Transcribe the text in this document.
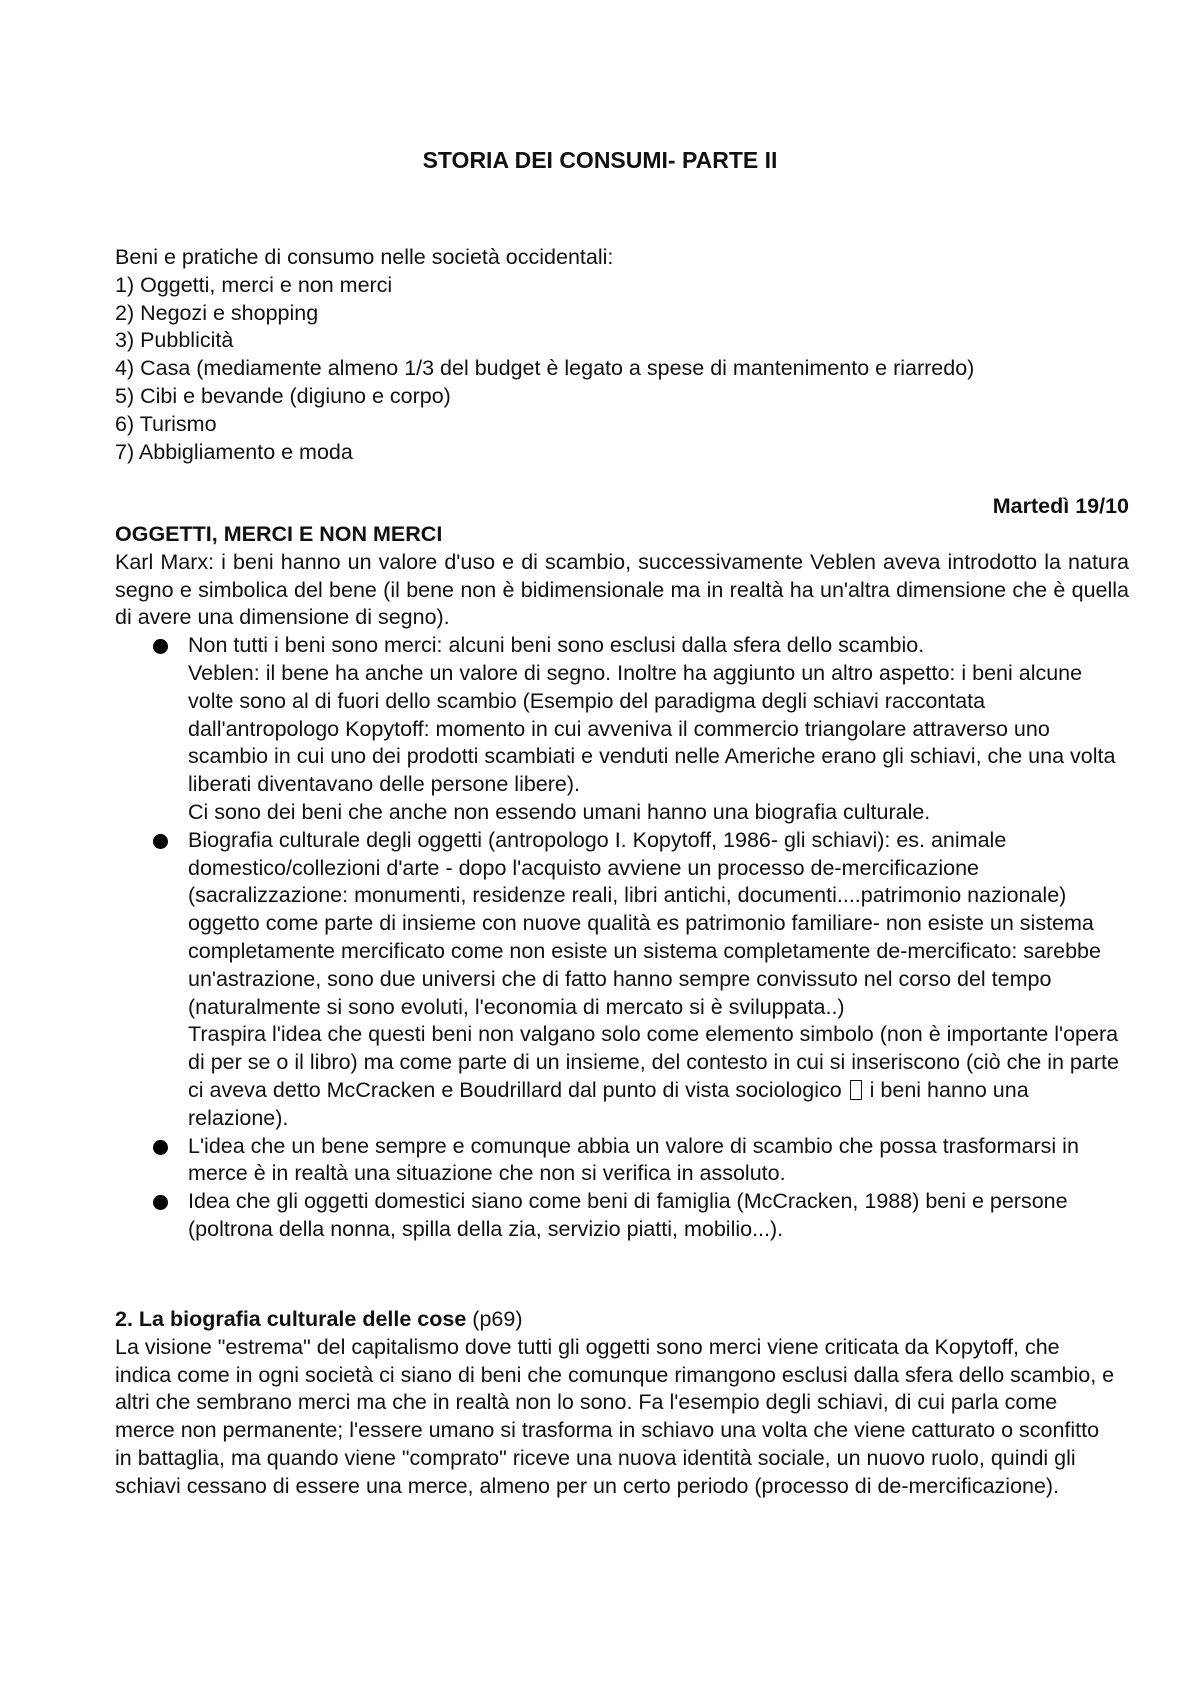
STORIA DEI CONSUMI- PARTE II
Beni e pratiche di consumo nelle società occidentali:
1) Oggetti, merci e non merci
2) Negozi e shopping
3) Pubblicità
4) Casa (mediamente almeno 1/3 del budget è legato a spese di mantenimento e riarredo)
5) Cibi e bevande (digiuno e corpo)
6) Turismo
7) Abbigliamento e moda
Martedì 19/10
OGGETTI, MERCI E NON MERCI

Karl Marx: i beni hanno un valore d'uso e di scambio, successivamente Veblen aveva introdotto la natura segno e simbolica del bene (il bene non è bidimensionale ma in realtà ha un'altra dimensione che è quella di avere una dimensione di segno).

Non tutti i beni sono merci: alcuni beni sono esclusi dalla sfera dello scambio.

Veblen: il bene ha anche un valore di segno. Inoltre ha aggiunto un altro aspetto: i beni alcune volte sono al di fuori dello scambio (Esempio del paradigma degli schiavi raccontata dall'antropologo Kopytoff: momento in cui avveniva il commercio triangolare attraverso uno scambio in cui uno dei prodotti scambiati e venduti nelle Americhe erano gli schiavi, che una volta liberati diventavano delle persone libere).

Ci sono dei beni che anche non essendo umani hanno una biografia culturale.

Biografia culturale degli oggetti (antropologo I. Kopytoff, 1986- gli schiavi): es. animale domestico/collezioni d'arte - dopo l'acquisto avviene un processo de-mercificazione (sacralizzazione: monumenti, residenze reali, libri antichi, documenti....patrimonio nazionale) oggetto come parte di insieme con nuove qualità es patrimonio familiare- non esiste un sistema completamente mercificato come non esiste un sistema completamente de-mercificato: sarebbe un'astrazione, sono due universi che di fatto hanno sempre convissuto nel corso del tempo (naturalmente si sono evoluti, l'economia di mercato si è sviluppata..)

Traspira l'idea che questi beni non valgano solo come elemento simbolo (non è importante l'opera di per se o il libro) ma come parte di un insieme, del contesto in cui si inseriscono (ciò che in parte ci aveva detto McCracken e Boudrillard dal punto di vista sociologico i beni hanno una relazione).

L'idea che un bene sempre e comunque abbia un valore di scambio che possa trasformarsi in merce è in realtà una situazione che non si verifica in assoluto.

Idea che gli oggetti domestici siano come beni di famiglia (McCracken, 1988) beni e persone (poltrona della nonna, spilla della zia, servizio piatti, mobilio...).

2. La biografia culturale delle cose (p69)

La visione "estrema" del capitalismo dove tutti gli oggetti sono merci viene criticata da Kopytoff, che indica come in ogni società ci siano di beni che comunque rimangono esclusi dalla sfera dello scambio, e altri che sembrano merci ma che in realtà non lo sono. Fa l'esempio degli schiavi, di cui parla come merce non permanente; l'essere umano si trasforma in schiavo una volta che viene catturato o sconfitto in battaglia, ma quando viene "comprato" riceve una nuova identità sociale, un nuovo ruolo, quindi gli schiavi cessano di essere una merce, almeno per un certo periodo (processo di de-mercificazione).
